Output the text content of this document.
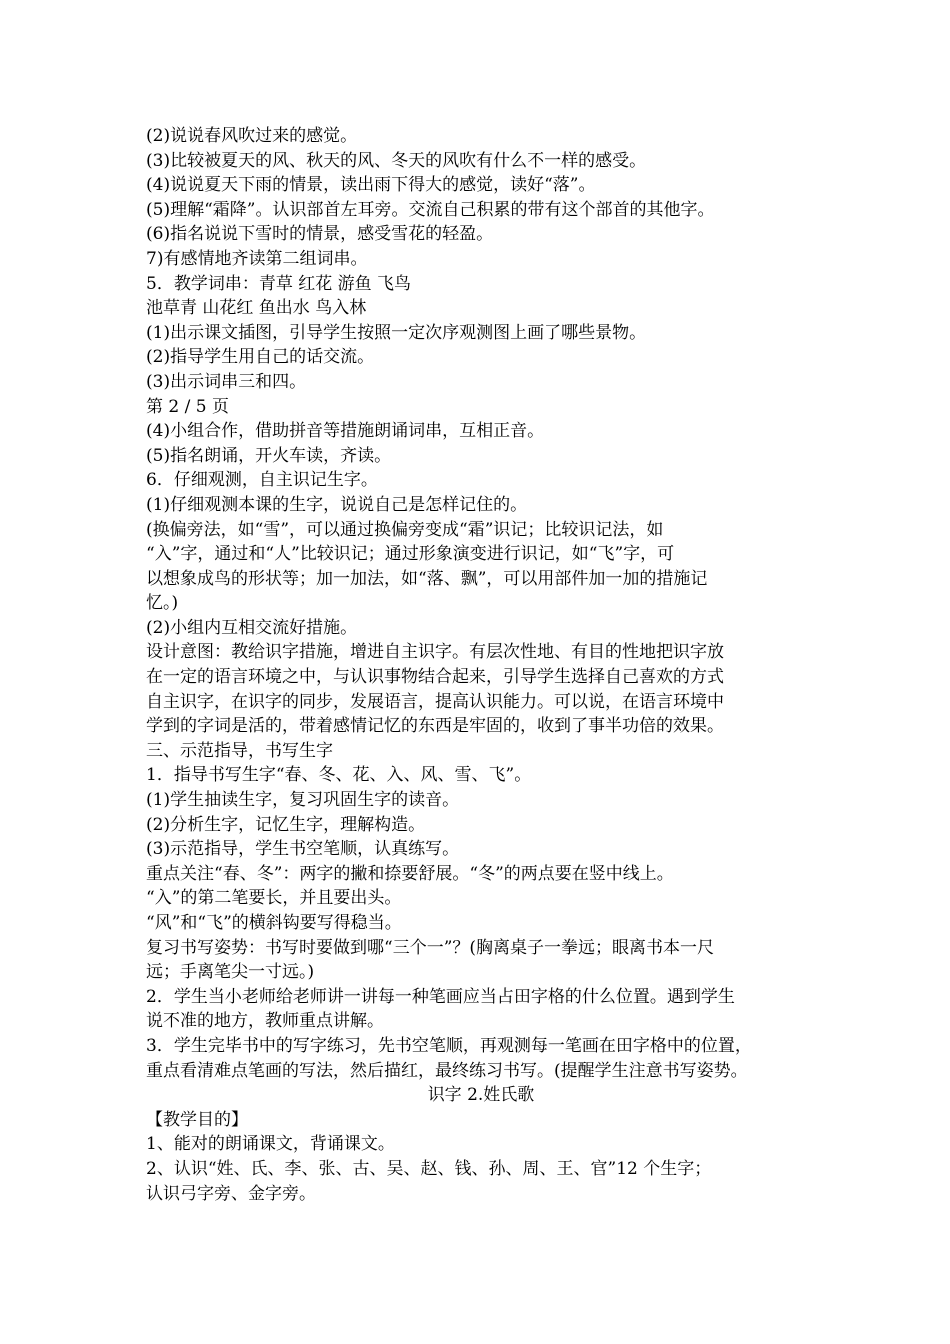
(2)说说春风吹过来的感觉。
(3)比较被夏天的风、秋天的风、冬天的风吹有什么不一样的感受。
(4)说说夏天下雨的情景，读出雨下得大的感觉，读好“落”。
(5)理解“霜降”。认识部首左耳旁。交流自己积累的带有这个部首的其他字。
(6)指名说说下雪时的情景，感受雪花的轻盈。
7)有感情地齐读第二组词串。
5．教学词串：青草 红花 游鱼 飞鸟
池草青 山花红 鱼出水 鸟入林
(1)出示课文插图，引导学生按照一定次序观测图上画了哪些景物。
(2)指导学生用自己的话交流。
(3)出示词串三和四。
第 2 / 5 页
(4)小组合作，借助拼音等措施朗诵词串，互相正音。
(5)指名朗诵，开火车读，齐读。
6．仔细观测，自主识记生字。
(1)仔细观测本课的生字，说说自己是怎样记住的。
(换偏旁法，如“雪”，可以通过换偏旁变成“霜”识记；比较识记法，如
“入”字，通过和“人”比较识记；通过形象演变进行识记，如“飞”字，可
以想象成鸟的形状等；加一加法，如“落、飘”，可以用部件加一加的措施记
忆。)
(2)小组内互相交流好措施。
设计意图：教给识字措施，增进自主识字。有层次性地、有目的性地把识字放
在一定的语言环境之中，与认识事物结合起来，引导学生选择自己喜欢的方式
自主识字，在识字的同步，发展语言，提高认识能力。可以说，在语言环境中
学到的字词是活的，带着感情记忆的东西是牢固的，收到了事半功倍的效果。
三、示范指导，书写生字
1．指导书写生字“春、冬、花、入、风、雪、飞”。
(1)学生抽读生字，复习巩固生字的读音。
(2)分析生字，记忆生字，理解构造。
(3)示范指导，学生书空笔顺，认真练写。
重点关注“春、冬”：两字的撇和捺要舒展。“冬”的两点要在竖中线上。
“入”的第二笔要长，并且要出头。
“风”和“飞”的横斜钩要写得稳当。
复习书写姿势：书写时要做到哪“三个一”？(胸离桌子一拳远；眼离书本一尺
远；手离笔尖一寸远。)
2．学生当小老师给老师讲一讲每一种笔画应当占田字格的什么位置。遇到学生
说不准的地方，教师重点讲解。
3．学生完毕书中的写字练习，先书空笔顺，再观测每一笔画在田字格中的位置，
重点看清难点笔画的写法，然后描红，最终练习书写。(提醒学生注意书写姿势。
识字 2.姓氏歌
【教学目的】
1、能对的朗诵课文，背诵课文。
2、认识“姓、氏、李、张、古、吴、赵、钱、孙、周、王、官”12 个生字；
认识弓字旁、金字旁。
